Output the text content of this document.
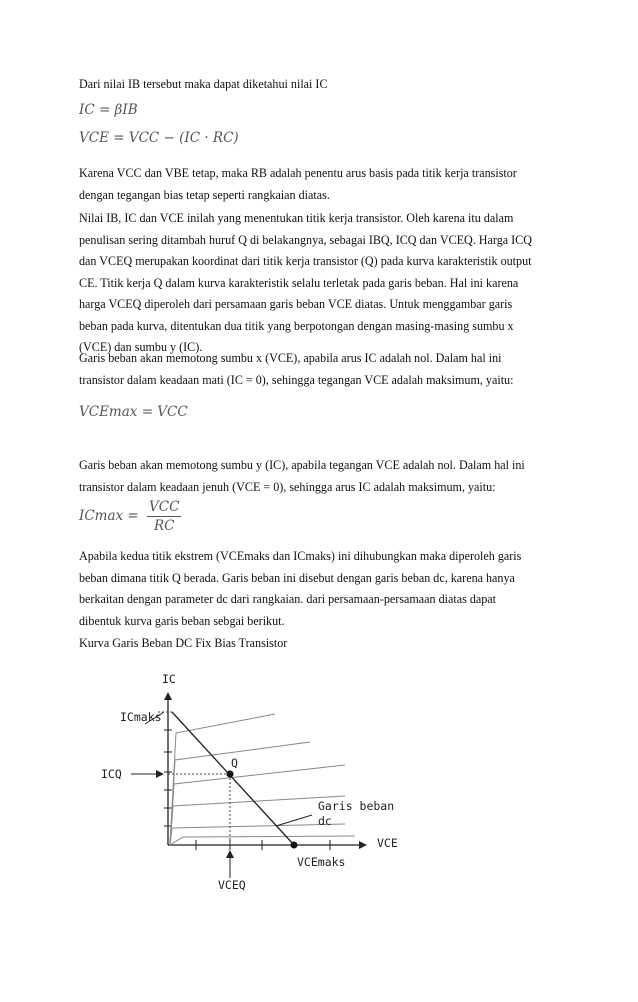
Dari nilai IB tersebut maka dapat diketahui nilai IC

IC = βIB
VCE = VCC − (IC · RC)

Karena VCC dan VBE tetap, maka RB adalah penentu arus basis pada titik kerja transistor
dengan tegangan bias tetap seperti rangkaian diatas.

Nilai IB, IC dan VCE inilah yang menentukan titik kerja transistor. Oleh karena itu dalam
penulisan sering ditambah huruf Q di belakangnya, sebagai IBQ, ICQ dan VCEQ. Harga ICQ
dan VCEQ merupakan koordinat dari titik kerja transistor (Q) pada kurva karakteristik output
CE. Titik kerja Q dalam kurva karakteristik selalu terletak pada garis beban. Hal ini karena
harga VCEQ diperoleh dari persamaan garis beban VCE diatas. Untuk menggambar garis
beban pada kurva, ditentukan dua titik yang berpotongan dengan masing-masing sumbu x
(VCE) dan sumbu y (IC).

Garis beban akan memotong sumbu x (VCE), apabila arus IC adalah nol. Dalam hal ini
transistor dalam keadaan mati (IC = 0), sehingga tegangan VCE adalah maksimum, yaitu:

VCEmax = VCC

Garis beban akan memotong sumbu y (IC), apabila tegangan VCE adalah nol. Dalam hal ini
transistor dalam keadaan jenuh (VCE = 0), sehingga arus IC adalah maksimum, yaitu:

$ICmax = \frac{\text{VCC}}{RC}$

Apabila kedua titik ekstrem (VCEmaks dan ICmaks) ini dihubungkan maka diperoleh garis
beban dimana titik Q berada. Garis beban ini disebut dengan garis beban dc, karena hanya
berkaitan dengan parameter dc dari rangkaian. dari persamaan-persamaan diatas dapat
dibentuk kurva garis beban sebgai berikut.

Kurva Garis Beban DC Fix Bias Transistor

IC
VCE
ICmaks
ICQ
Q
Garis beban
dc
VCEmaks
VCEQ
